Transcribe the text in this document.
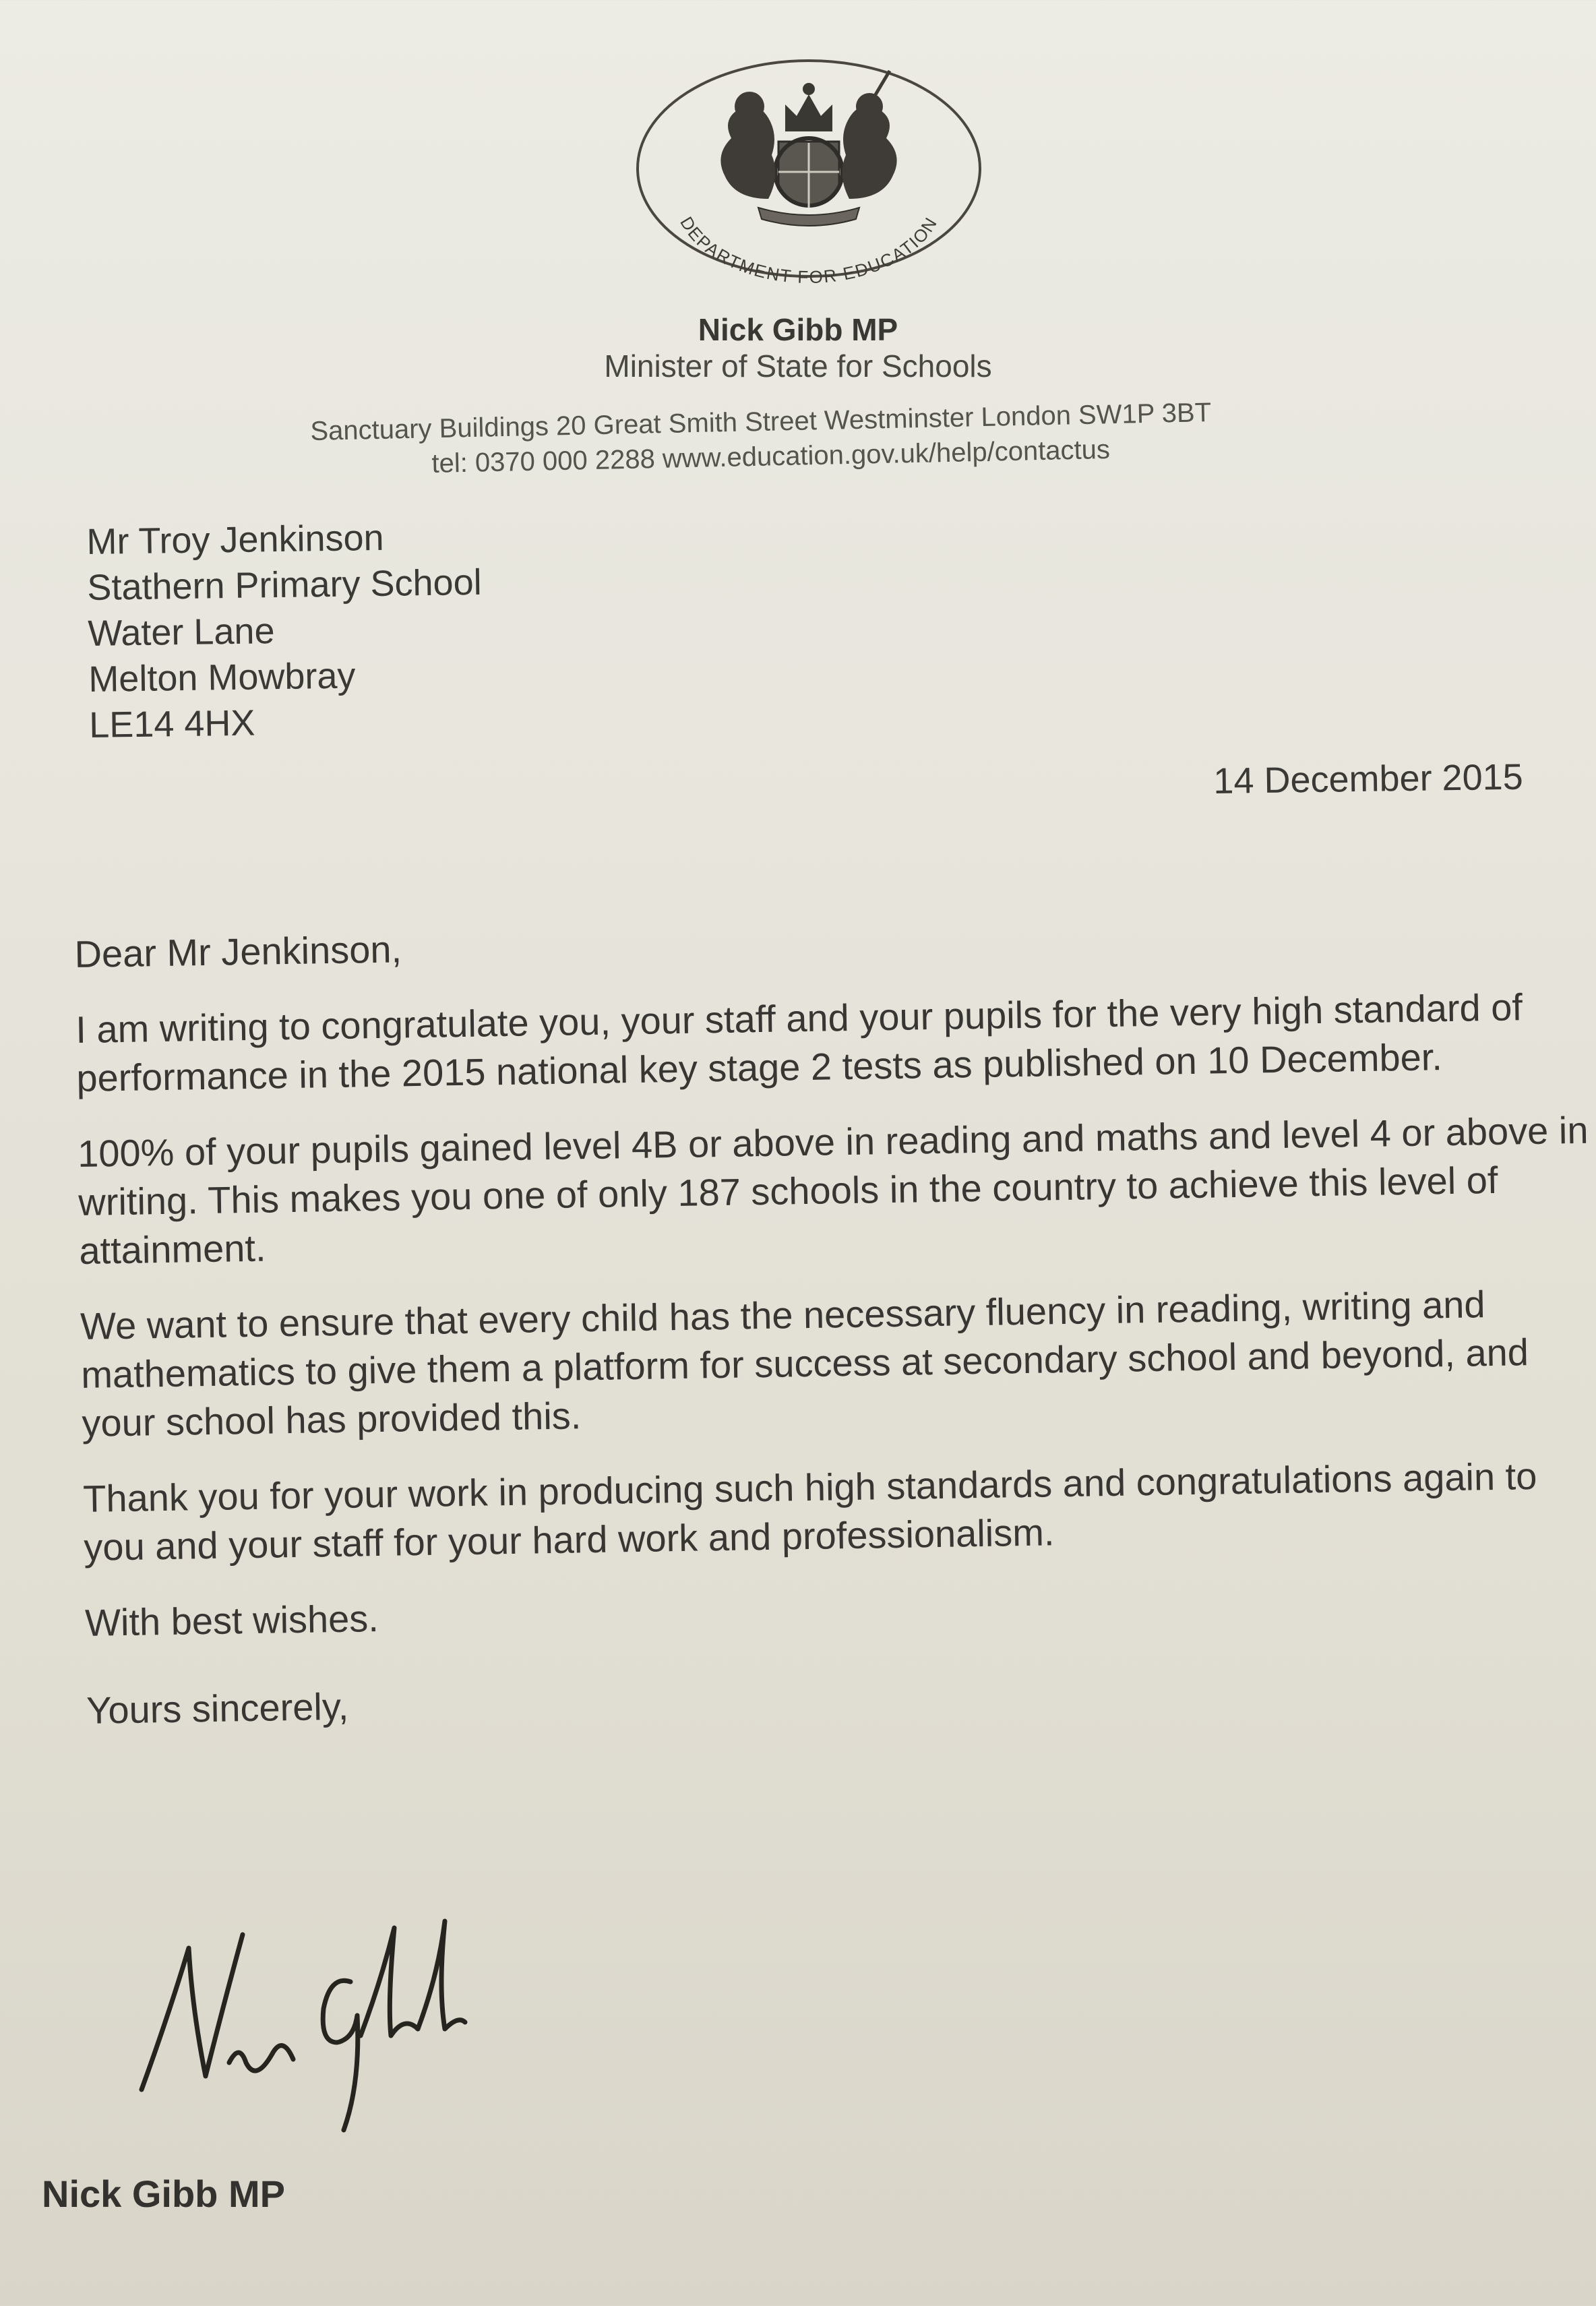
DEPARTMENT FOR EDUCATION
Nick Gibb MP
Minister of State for Schools
Sanctuary Buildings 20 Great Smith Street Westminster London SW1P 3BT
tel: 0370 000 2288 www.education.gov.uk/help/contactus
Mr Troy Jenkinson
Stathern Primary School
Water Lane
Melton Mowbray
LE14 4HX
14 December 2015

Dear Mr Jenkinson,

I am writing to congratulate you, your staff and your pupils for the very high standard of performance in the 2015 national key stage 2 tests as published on 10 December.

100% of your pupils gained level 4B or above in reading and maths and level 4 or above in writing. This makes you one of only 187 schools in the country to achieve this level of attainment.

We want to ensure that every child has the necessary fluency in reading, writing and mathematics to give them a platform for success at secondary school and beyond, and your school has provided this.

Thank you for your work in producing such high standards and congratulations again to you and your staff for your hard work and professionalism.

With best wishes.

Yours sincerely,

Nick Gibb MP
